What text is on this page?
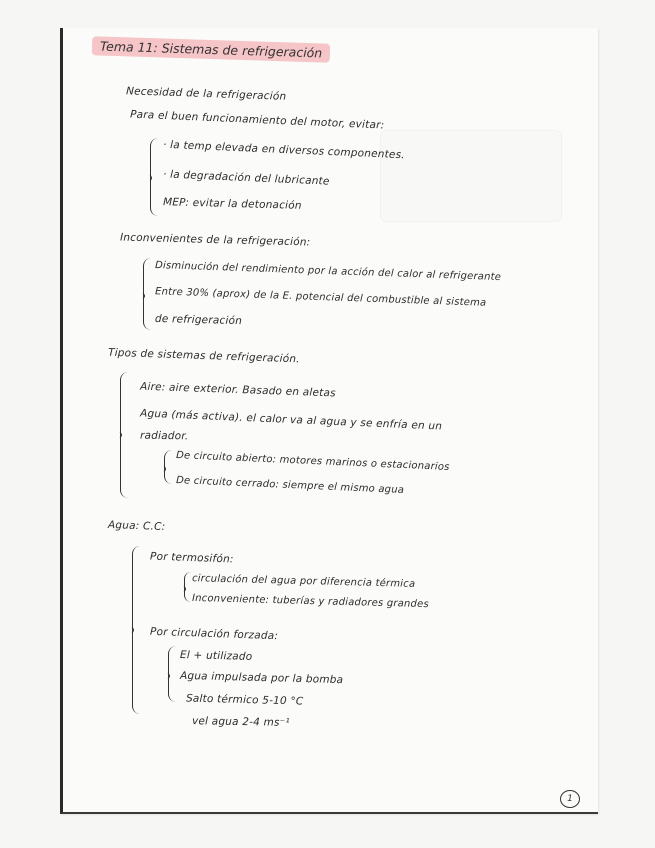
Tema 11: Sistemas de refrigeración
Necesidad de la refrigeración
Para el buen funcionamiento del motor, evitar:
· la temp elevada en diversos componentes.
· la degradación del lubricante
MEP: evitar la detonación
Inconvenientes de la refrigeración:
Disminución del rendimiento por la acción del calor al refrigerante
Entre 30% (aprox) de la E. potencial del combustible al sistema
de refrigeración
Tipos de sistemas de refrigeración.
Aire: aire exterior. Basado en aletas
Agua (más activa). el calor va al agua y se enfría en un
radiador.
De circuito abierto: motores marinos o estacionarios
De circuito cerrado: siempre el mismo agua
Agua: C.C:
Por termosifón:
circulación del agua por diferencia térmica
Inconveniente: tuberías y radiadores grandes
Por circulación forzada:
El + utilizado
Agua impulsada por la bomba
Salto térmico 5-10 °C
vel agua 2-4 ms⁻¹
1
